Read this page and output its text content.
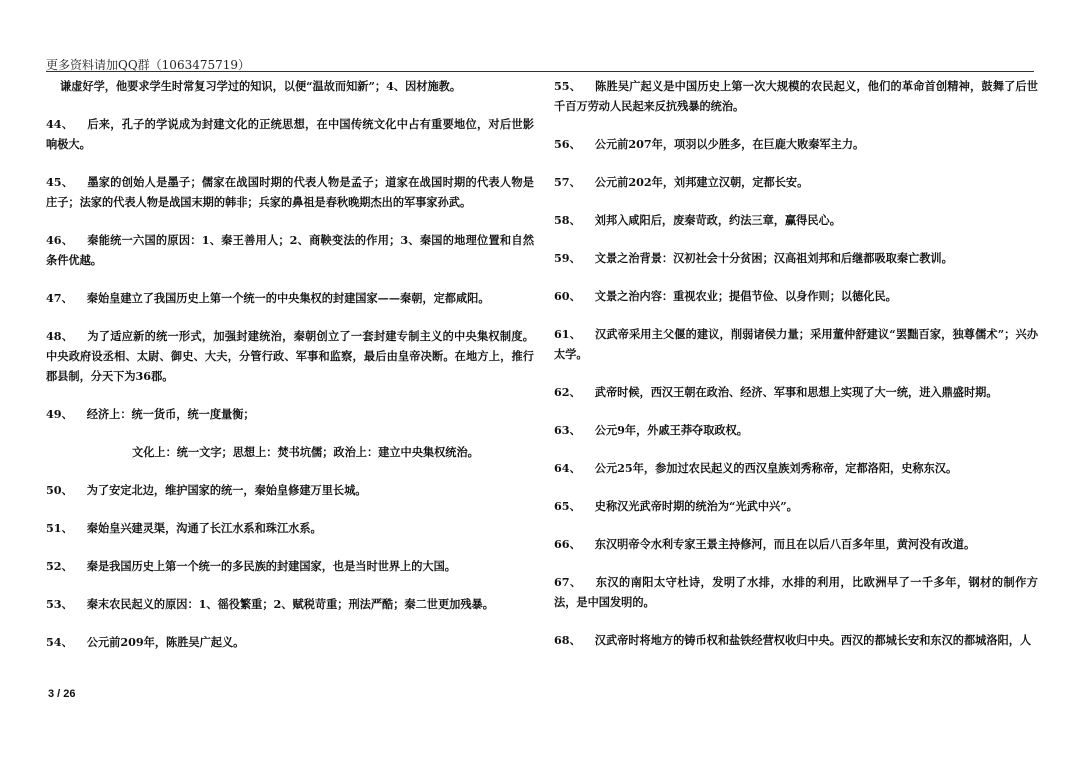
更多资料请加QQ群（1063475719）

谦虚好学，他要求学生时常复习学过的知识，以便“温故而知新”；4、因材施教。

44、 后来，孔子的学说成为封建文化的正统思想，在中国传统文化中占有重要地位，对后世影响极大。

45、 墨家的创始人是墨子；儒家在战国时期的代表人物是孟子；道家在战国时期的代表人物是庄子；法家的代表人物是战国末期的韩非；兵家的鼻祖是春秋晚期杰出的军事家孙武。

46、 秦能统一六国的原因：1、秦王善用人；2、商鞅变法的作用；3、秦国的地理位置和自然条件优越。

47、 秦始皇建立了我国历史上第一个统一的中央集权的封建国家——秦朝，定都咸阳。

48、 为了适应新的统一形式，加强封建统治，秦朝创立了一套封建专制主义的中央集权制度。中央政府设丞相、太尉、御史、大夫，分管行政、军事和监察，最后由皇帝决断。在地方上，推行郡县制，分天下为36郡。

49、 经济上：统一货币，统一度量衡；

文化上：统一文字；思想上：焚书坑儒；政治上：建立中央集权统治。

50、 为了安定北边，维护国家的统一，秦始皇修建万里长城。

51、 秦始皇兴建灵渠，沟通了长江水系和珠江水系。

52、 秦是我国历史上第一个统一的多民族的封建国家，也是当时世界上的大国。

53、 秦末农民起义的原因：1、徭役繁重；2、赋税苛重；刑法严酷；秦二世更加残暴。

54、 公元前209年，陈胜吴广起义。

55、 陈胜吴广起义是中国历史上第一次大规模的农民起义，他们的革命首创精神，鼓舞了后世千百万劳动人民起来反抗残暴的统治。

56、 公元前207年，项羽以少胜多，在巨鹿大败秦军主力。

57、 公元前202年，刘邦建立汉朝，定都长安。

58、 刘邦入咸阳后，废秦苛政，约法三章，赢得民心。

59、 文景之治背景：汉初社会十分贫困；汉高祖刘邦和后继都吸取秦亡教训。

60、 文景之治内容：重视农业；提倡节俭、以身作则；以德化民。

61、 汉武帝采用主父偃的建议，削弱诸侯力量；采用董仲舒建议“罢黜百家，独尊儒术”；兴办太学。

62、 武帝时候，西汉王朝在政治、经济、军事和思想上实现了大一统，进入鼎盛时期。

63、 公元9年，外戚王莽夺取政权。

64、 公元25年，参加过农民起义的西汉皇族刘秀称帝，定都洛阳，史称东汉。

65、 史称汉光武帝时期的统治为“光武中兴”。

66、 东汉明帝令水利专家王景主持修河，而且在以后八百多年里，黄河没有改道。

67、 东汉的南阳太守杜诗，发明了水排，水排的利用，比欧洲早了一千多年，钢材的制作方法，是中国发明的。

68、 汉武帝时将地方的铸币权和盐铁经营权收归中央。西汉的都城长安和东汉的都城洛阳，人

3 / 26
